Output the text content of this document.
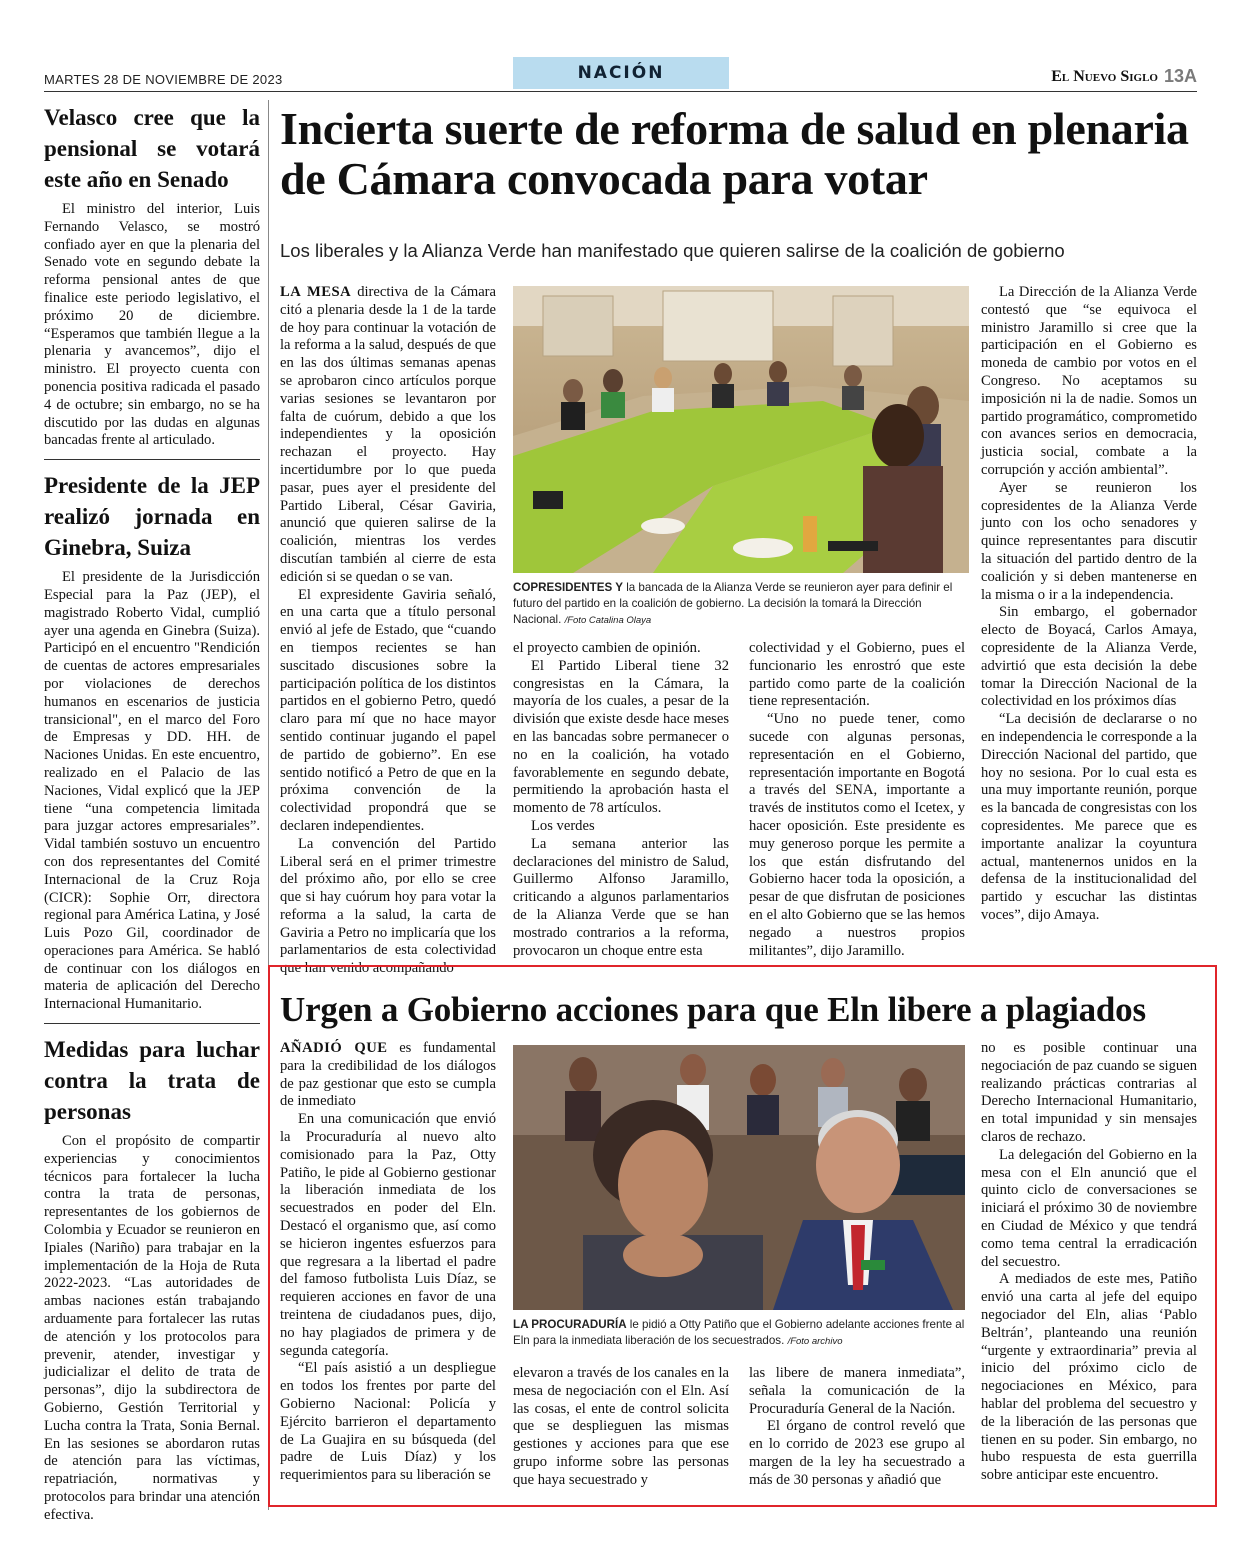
MARTES 28 DE NOVIEMBRE DE 2023	NACIÓN	El Nuevo Siglo 13A
Velasco cree que la pensional se votará este año en Senado

El ministro del interior, Luis Fernando Velasco, se mostró confiado ayer en que la plenaria del Senado vote en segundo debate la reforma pensional antes de que finalice este periodo legislativo, el próximo 20 de diciembre. “Esperamos que también llegue a la plenaria y avancemos”, dijo el ministro. El proyecto cuenta con ponencia positiva radicada el pasado 4 de octubre; sin embargo, no se ha discutido por las dudas en algunas bancadas frente al articulado.

Presidente de la JEP realizó jornada en Ginebra, Suiza

El presidente de la Jurisdicción Especial para la Paz (JEP), el magistrado Roberto Vidal, cumplió ayer una agenda en Ginebra (Suiza). Participó en el encuentro "Rendición de cuentas de actores empresariales por violaciones de derechos humanos en escenarios de justicia transicional", en el marco del Foro de Empresas y DD. HH. de Naciones Unidas. En este encuentro, realizado en el Palacio de las Naciones, Vidal explicó que la JEP tiene “una competencia limitada para juzgar actores empresariales”. Vidal también sostuvo un encuentro con dos representantes del Comité Internacional de la Cruz Roja (CICR): Sophie Orr, directora regional para América Latina, y José Luis Pozo Gil, coordinador de operaciones para América. Se habló de continuar con los diálogos en materia de aplicación del Derecho Internacional Humanitario.

Medidas para luchar contra la trata de personas

Con el propósito de compartir experiencias y conocimientos técnicos para fortalecer la lucha contra la trata de personas, representantes de los gobiernos de Colombia y Ecuador se reunieron en Ipiales (Nariño) para trabajar en la implementación de la Hoja de Ruta 2022-2023. “Las autoridades de ambas naciones están trabajando arduamente para fortalecer las rutas de atención y los protocolos para prevenir, atender, investigar y judicializar el delito de trata de personas”, dijo la subdirectora de Gobierno, Gestión Territorial y Lucha contra la Trata, Sonia Bernal. En las sesiones se abordaron rutas de atención para las víctimas, repatriación, normativas y protocolos para brindar una atención efectiva.

Incierta suerte de reforma de salud en plenaria de Cámara convocada para votar
Los liberales y la Alianza Verde han manifestado que quieren salirse de la coalición de gobierno

LA MESA directiva de la Cámara citó a plenaria desde la 1 de la tarde de hoy para continuar la votación de la reforma a la salud, después de que en las dos últimas semanas apenas se aprobaron cinco artículos porque varias sesiones se levantaron por falta de cuórum, debido a que los independientes y la oposición rechazan el proyecto. Hay incertidumbre por lo que pueda pasar, pues ayer el presidente del Partido Liberal, César Gaviria, anunció que quieren salirse de la coalición, mientras los verdes discutían también al cierre de esta edición si se quedan o se van.

El expresidente Gaviria señaló, en una carta que a título personal envió al jefe de Estado, que “cuando en tiempos recientes se han suscitado discusiones sobre la participación política de los distintos partidos en el gobierno Petro, quedó claro para mí que no hace mayor sentido continuar jugando el papel de partido de gobierno”. En ese sentido notificó a Petro de que en la próxima convención de la colectividad propondrá que se declaren independientes.

La convención del Partido Liberal será en el primer trimestre del próximo año, por ello se cree que si hay cuórum hoy para votar la reforma a la salud, la carta de Gaviria a Petro no implicaría que los parlamentarios de esta colectividad que han venido acompañando

COPRESIDENTES Y la bancada de la Alianza Verde se reunieron ayer para definir el futuro del partido en la coalición de gobierno. La decisión la tomará la Dirección Nacional. /Foto Catalina Olaya

el proyecto cambien de opinión.

El Partido Liberal tiene 32 congresistas en la Cámara, la mayoría de los cuales, a pesar de la división que existe desde hace meses en las bancadas sobre permanecer o no en la coalición, ha votado favorablemente en segundo debate, permitiendo la aprobación hasta el momento de 78 artículos.

Los verdes

La semana anterior las declaraciones del ministro de Salud, Guillermo Alfonso Jaramillo, criticando a algunos parlamentarios de la Alianza Verde que se han mostrado contrarios a la reforma, provocaron un choque entre esta

colectividad y el Gobierno, pues el funcionario les enrostró que este partido como parte de la coalición tiene representación.

“Uno no puede tener, como sucede con algunas personas, representación en el Gobierno, representación importante en Bogotá a través del SENA, importante a través de institutos como el Icetex, y hacer oposición. Este presidente es muy generoso porque les permite a los que están disfrutando del Gobierno hacer toda la oposición, a pesar de que disfrutan de posiciones en el alto Gobierno que se las hemos negado a nuestros propios militantes”, dijo Jaramillo.

La Dirección de la Alianza Verde contestó que “se equivoca el ministro Jaramillo si cree que la participación en el Gobierno es moneda de cambio por votos en el Congreso. No aceptamos su imposición ni la de nadie. Somos un partido programático, comprometido con avances serios en democracia, justicia social, combate a la corrupción y acción ambiental”.

Ayer se reunieron los copresidentes de la Alianza Verde junto con los ocho senadores y quince representantes para discutir la situación del partido dentro de la coalición y si deben mantenerse en la misma o ir a la independencia.

Sin embargo, el gobernador electo de Boyacá, Carlos Amaya, copresidente de la Alianza Verde, advirtió que esta decisión la debe tomar la Dirección Nacional de la colectividad en los próximos días

“La decisión de declararse o no en independencia le corresponde a la Dirección Nacional del partido, que hoy no sesiona. Por lo cual esta es una muy importante reunión, porque es la bancada de congresistas con los copresidentes. Me parece que es importante analizar la coyuntura actual, mantenernos unidos en la defensa de la institucionalidad del partido y escuchar las distintas voces”, dijo Amaya.

Urgen a Gobierno acciones para que Eln libere a plagiados

AÑADIÓ QUE es fundamental para la credibilidad de los diálogos de paz gestionar que esto se cumpla de inmediato

En una comunicación que envió la Procuraduría al nuevo alto comisionado para la Paz, Otty Patiño, le pide al Gobierno gestionar la liberación inmediata de los secuestrados en poder del Eln. Destacó el organismo que, así como se hicieron ingentes esfuerzos para que regresara a la libertad el padre del famoso futbolista Luis Díaz, se requieren acciones en favor de una treintena de ciudadanos pues, dijo, no hay plagiados de primera y de segunda categoría.

“El país asistió a un despliegue en todos los frentes por parte del Gobierno Nacional: Policía y Ejército barrieron el departamento de La Guajira en su búsqueda (del padre de Luis Díaz) y los requerimientos para su liberación se

LA PROCURADURÍA le pidió a Otty Patiño que el Gobierno adelante acciones frente al Eln para la inmediata liberación de los secuestrados. /Foto archivo

elevaron a través de los canales en la mesa de negociación con el Eln. Así las cosas, el ente de control solicita que se desplieguen las mismas gestiones y acciones para que ese grupo informe sobre las personas que haya secuestrado y

las libere de manera inmediata”, señala la comunicación de la Procuraduría General de la Nación.

El órgano de control reveló que en lo corrido de 2023 ese grupo al margen de la ley ha secuestrado a más de 30 personas y añadió que

no es posible continuar una negociación de paz cuando se siguen realizando prácticas contrarias al Derecho Internacional Humanitario, en total impunidad y sin mensajes claros de rechazo.

La delegación del Gobierno en la mesa con el Eln anunció que el quinto ciclo de conversaciones se iniciará el próximo 30 de noviembre en Ciudad de México y que tendrá como tema central la erradicación del secuestro.

A mediados de este mes, Patiño envió una carta al jefe del equipo negociador del Eln, alias ‘Pablo Beltrán’, planteando una reunión “urgente y extraordinaria” previa al inicio del próximo ciclo de negociaciones en México, para hablar del problema del secuestro y de la liberación de las personas que tienen en su poder. Sin embargo, no hubo respuesta de esta guerrilla sobre anticipar este encuentro.
